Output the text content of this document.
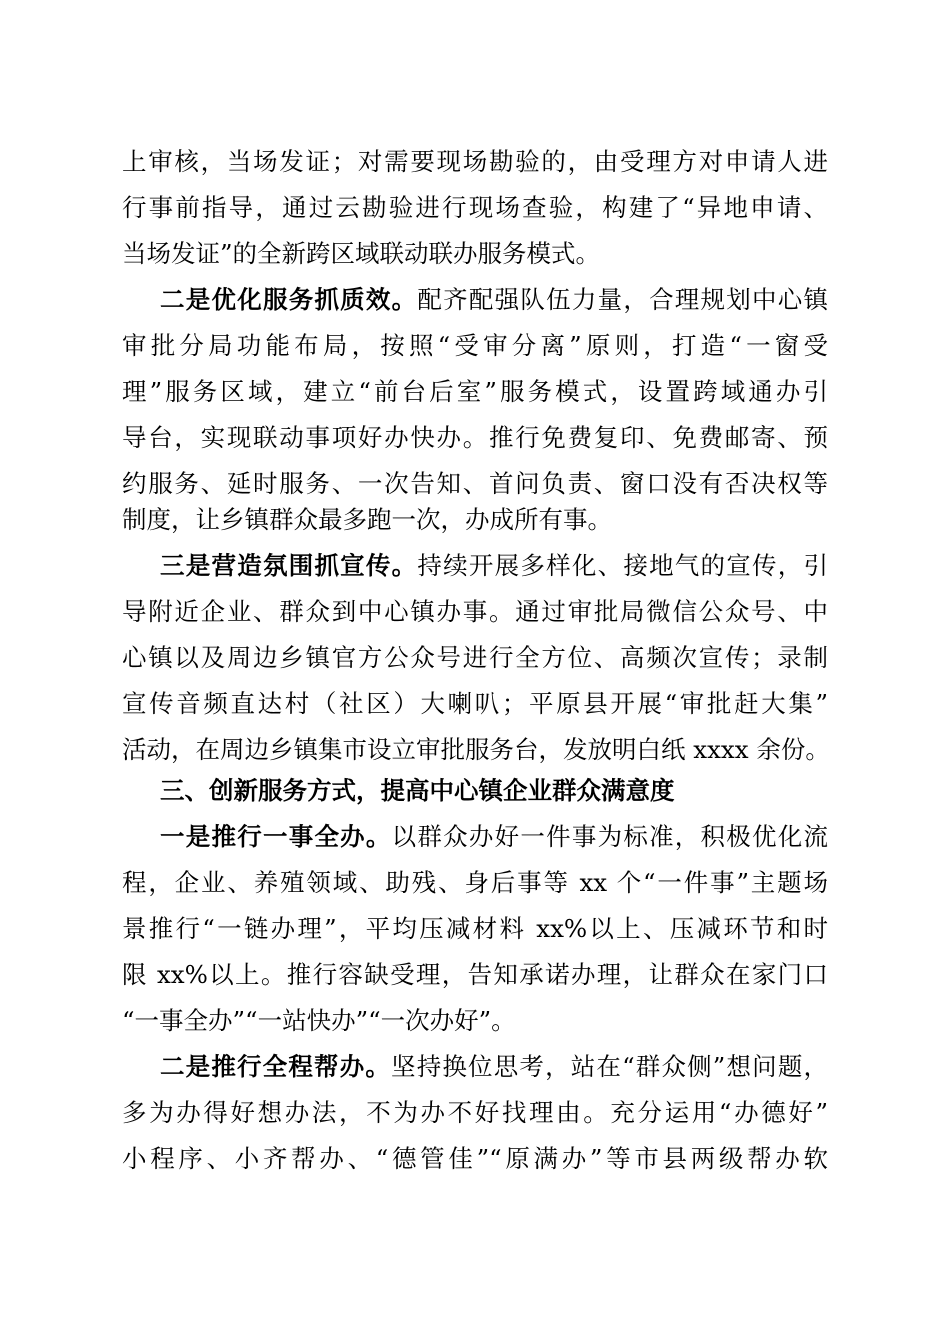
上审核，当场发证；对需要现场勘验的，由受理方对申请人进
行事前指导，通过云勘验进行现场查验，构建了“异地申请、
当场发证”的全新跨区域联动联办服务模式。
二是优化服务抓质效。配齐配强队伍力量，合理规划中心镇
审批分局功能布局，按照“受审分离”原则，打造“一窗受
理”服务区域，建立“前台后室”服务模式，设置跨域通办引
导台，实现联动事项好办快办。推行免费复印、免费邮寄、预
约服务、延时服务、一次告知、首问负责、窗口没有否决权等
制度，让乡镇群众最多跑一次，办成所有事。
三是营造氛围抓宣传。持续开展多样化、接地气的宣传，引
导附近企业、群众到中心镇办事。通过审批局微信公众号、中
心镇以及周边乡镇官方公众号进行全方位、高频次宣传；录制
宣传音频直达村（社区）大喇叭；平原县开展“审批赶大集”
活动，在周边乡镇集市设立审批服务台，发放明白纸 xxxx 余份。
三、创新服务方式，提高中心镇企业群众满意度
一是推行一事全办。以群众办好一件事为标准，积极优化流
程，企业、养殖领域、助残、身后事等 xx 个“一件事”主题场
景推行“一链办理”，平均压减材料 xx%以上、压减环节和时
限 xx%以上。推行容缺受理，告知承诺办理，让群众在家门口
“一事全办”“一站快办”“一次办好”。
二是推行全程帮办。坚持换位思考，站在“群众侧”想问题，
多为办得好想办法，不为办不好找理由。充分运用“办德好”
小程序、小齐帮办、“德管佳”“原满办”等市县两级帮办软
